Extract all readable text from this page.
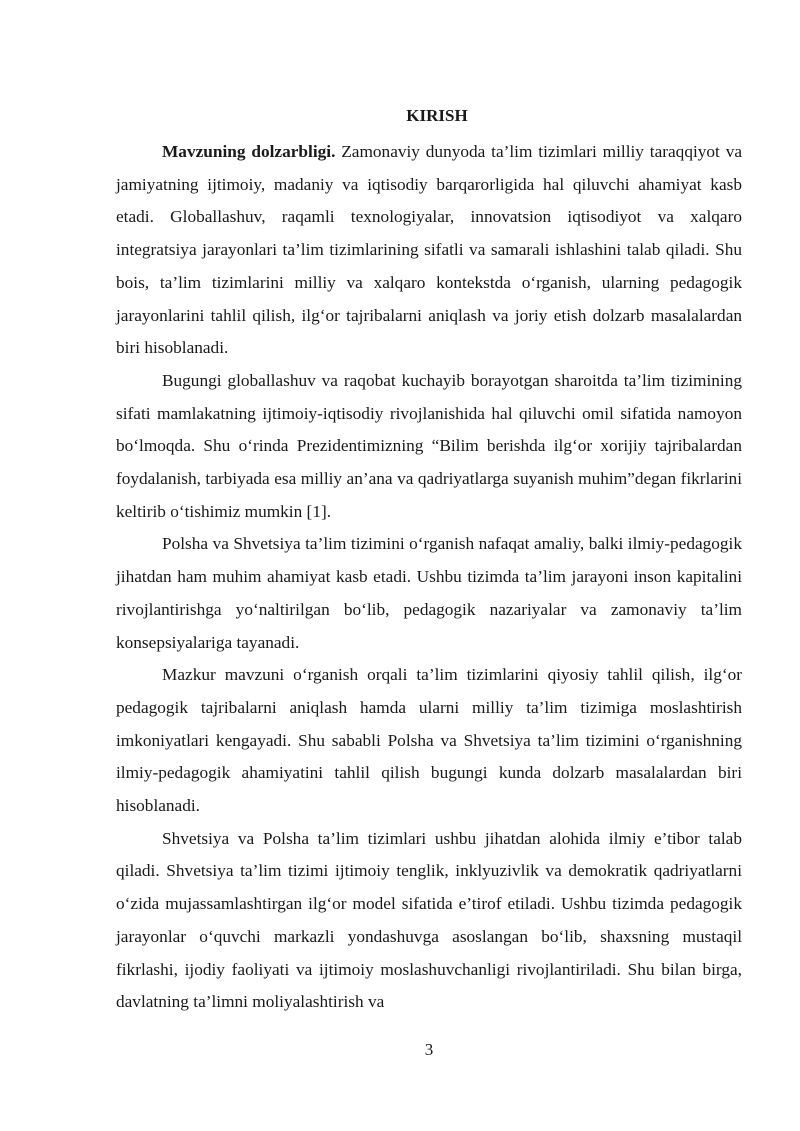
KIRISH

Mavzuning dolzarbligi. Zamonaviy dunyoda ta’lim tizimlari milliy taraqqiyot va jamiyatning ijtimoiy, madaniy va iqtisodiy barqarorligida hal qiluvchi ahamiyat kasb etadi. Globallashuv, raqamli texnologiyalar, innovatsion iqtisodiyot va xalqaro integratsiya jarayonlari ta’lim tizimlarining sifatli va samarali ishlashini talab qiladi. Shu bois, ta’lim tizimlarini milliy va xalqaro kontekstda o‘rganish, ularning pedagogik jarayonlarini tahlil qilish, ilg‘or tajribalarni aniqlash va joriy etish dolzarb masalalardan biri hisoblanadi.

Bugungi globallashuv va raqobat kuchayib borayotgan sharoitda ta’lim tizimining sifati mamlakatning ijtimoiy-iqtisodiy rivojlanishida hal qiluvchi omil sifatida namoyon bo‘lmoqda. Shu o‘rinda Prezidentimizning “Bilim berishda ilg‘or xorijiy tajribalardan foydalanish, tarbiyada esa milliy an’ana va qadriyatlarga suyanish muhim”degan fikrlarini keltirib o‘tishimiz mumkin [1].

Polsha va Shvetsiya ta’lim tizimini o‘rganish nafaqat amaliy, balki ilmiy-pedagogik jihatdan ham muhim ahamiyat kasb etadi. Ushbu tizimda ta’lim jarayoni inson kapitalini rivojlantirishga yo‘naltirilgan bo‘lib, pedagogik nazariyalar va zamonaviy ta’lim konsepsiyalariga tayanadi.

Mazkur mavzuni o‘rganish orqali ta’lim tizimlarini qiyosiy tahlil qilish, ilg‘or pedagogik tajribalarni aniqlash hamda ularni milliy ta’lim tizimiga moslashtirish imkoniyatlari kengayadi. Shu sababli Polsha va Shvetsiya ta’lim tizimini o‘rganishning ilmiy-pedagogik ahamiyatini tahlil qilish bugungi kunda dolzarb masalalardan biri hisoblanadi.

Shvetsiya va Polsha ta’lim tizimlari ushbu jihatdan alohida ilmiy e’tibor talab qiladi. Shvetsiya ta’lim tizimi ijtimoiy tenglik, inklyuzivlik va demokratik qadriyatlarni o‘zida mujassamlashtirgan ilg‘or model sifatida e’tirof etiladi. Ushbu tizimda pedagogik jarayonlar o‘quvchi markazli yondashuvga asoslangan bo‘lib, shaxsning mustaqil fikrlashi, ijodiy faoliyati va ijtimoiy moslashuvchanligi rivojlantiriladi. Shu bilan birga, davlatning ta’limni moliyalashtirish va

3
